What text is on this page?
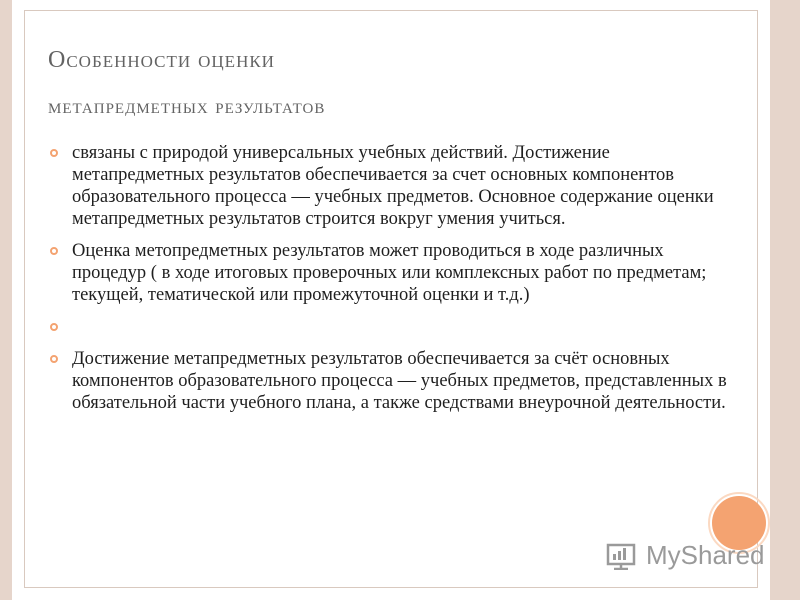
Особенности оценки
метапредметных результатов
связаны с природой универсальных учебных действий. Достижение метапредметных результатов обеспечивается за счет основных компонентов образовательного процесса — учебных предметов. Основное содержание оценки метапредметных результатов строится вокруг умения учиться.
Оценка метопредметных результатов может проводиться в ходе различных процедур ( в ходе итоговых проверочных или комплексных работ по предметам; текущей, тематической или промежуточной оценки и т.д.)
Достижение метапредметных результатов обеспечивается за счёт основных компонентов образовательного процесса — учебных предметов, представленных в обязательной части учебного плана, а также средствами внеурочной деятельности.
MyShared
